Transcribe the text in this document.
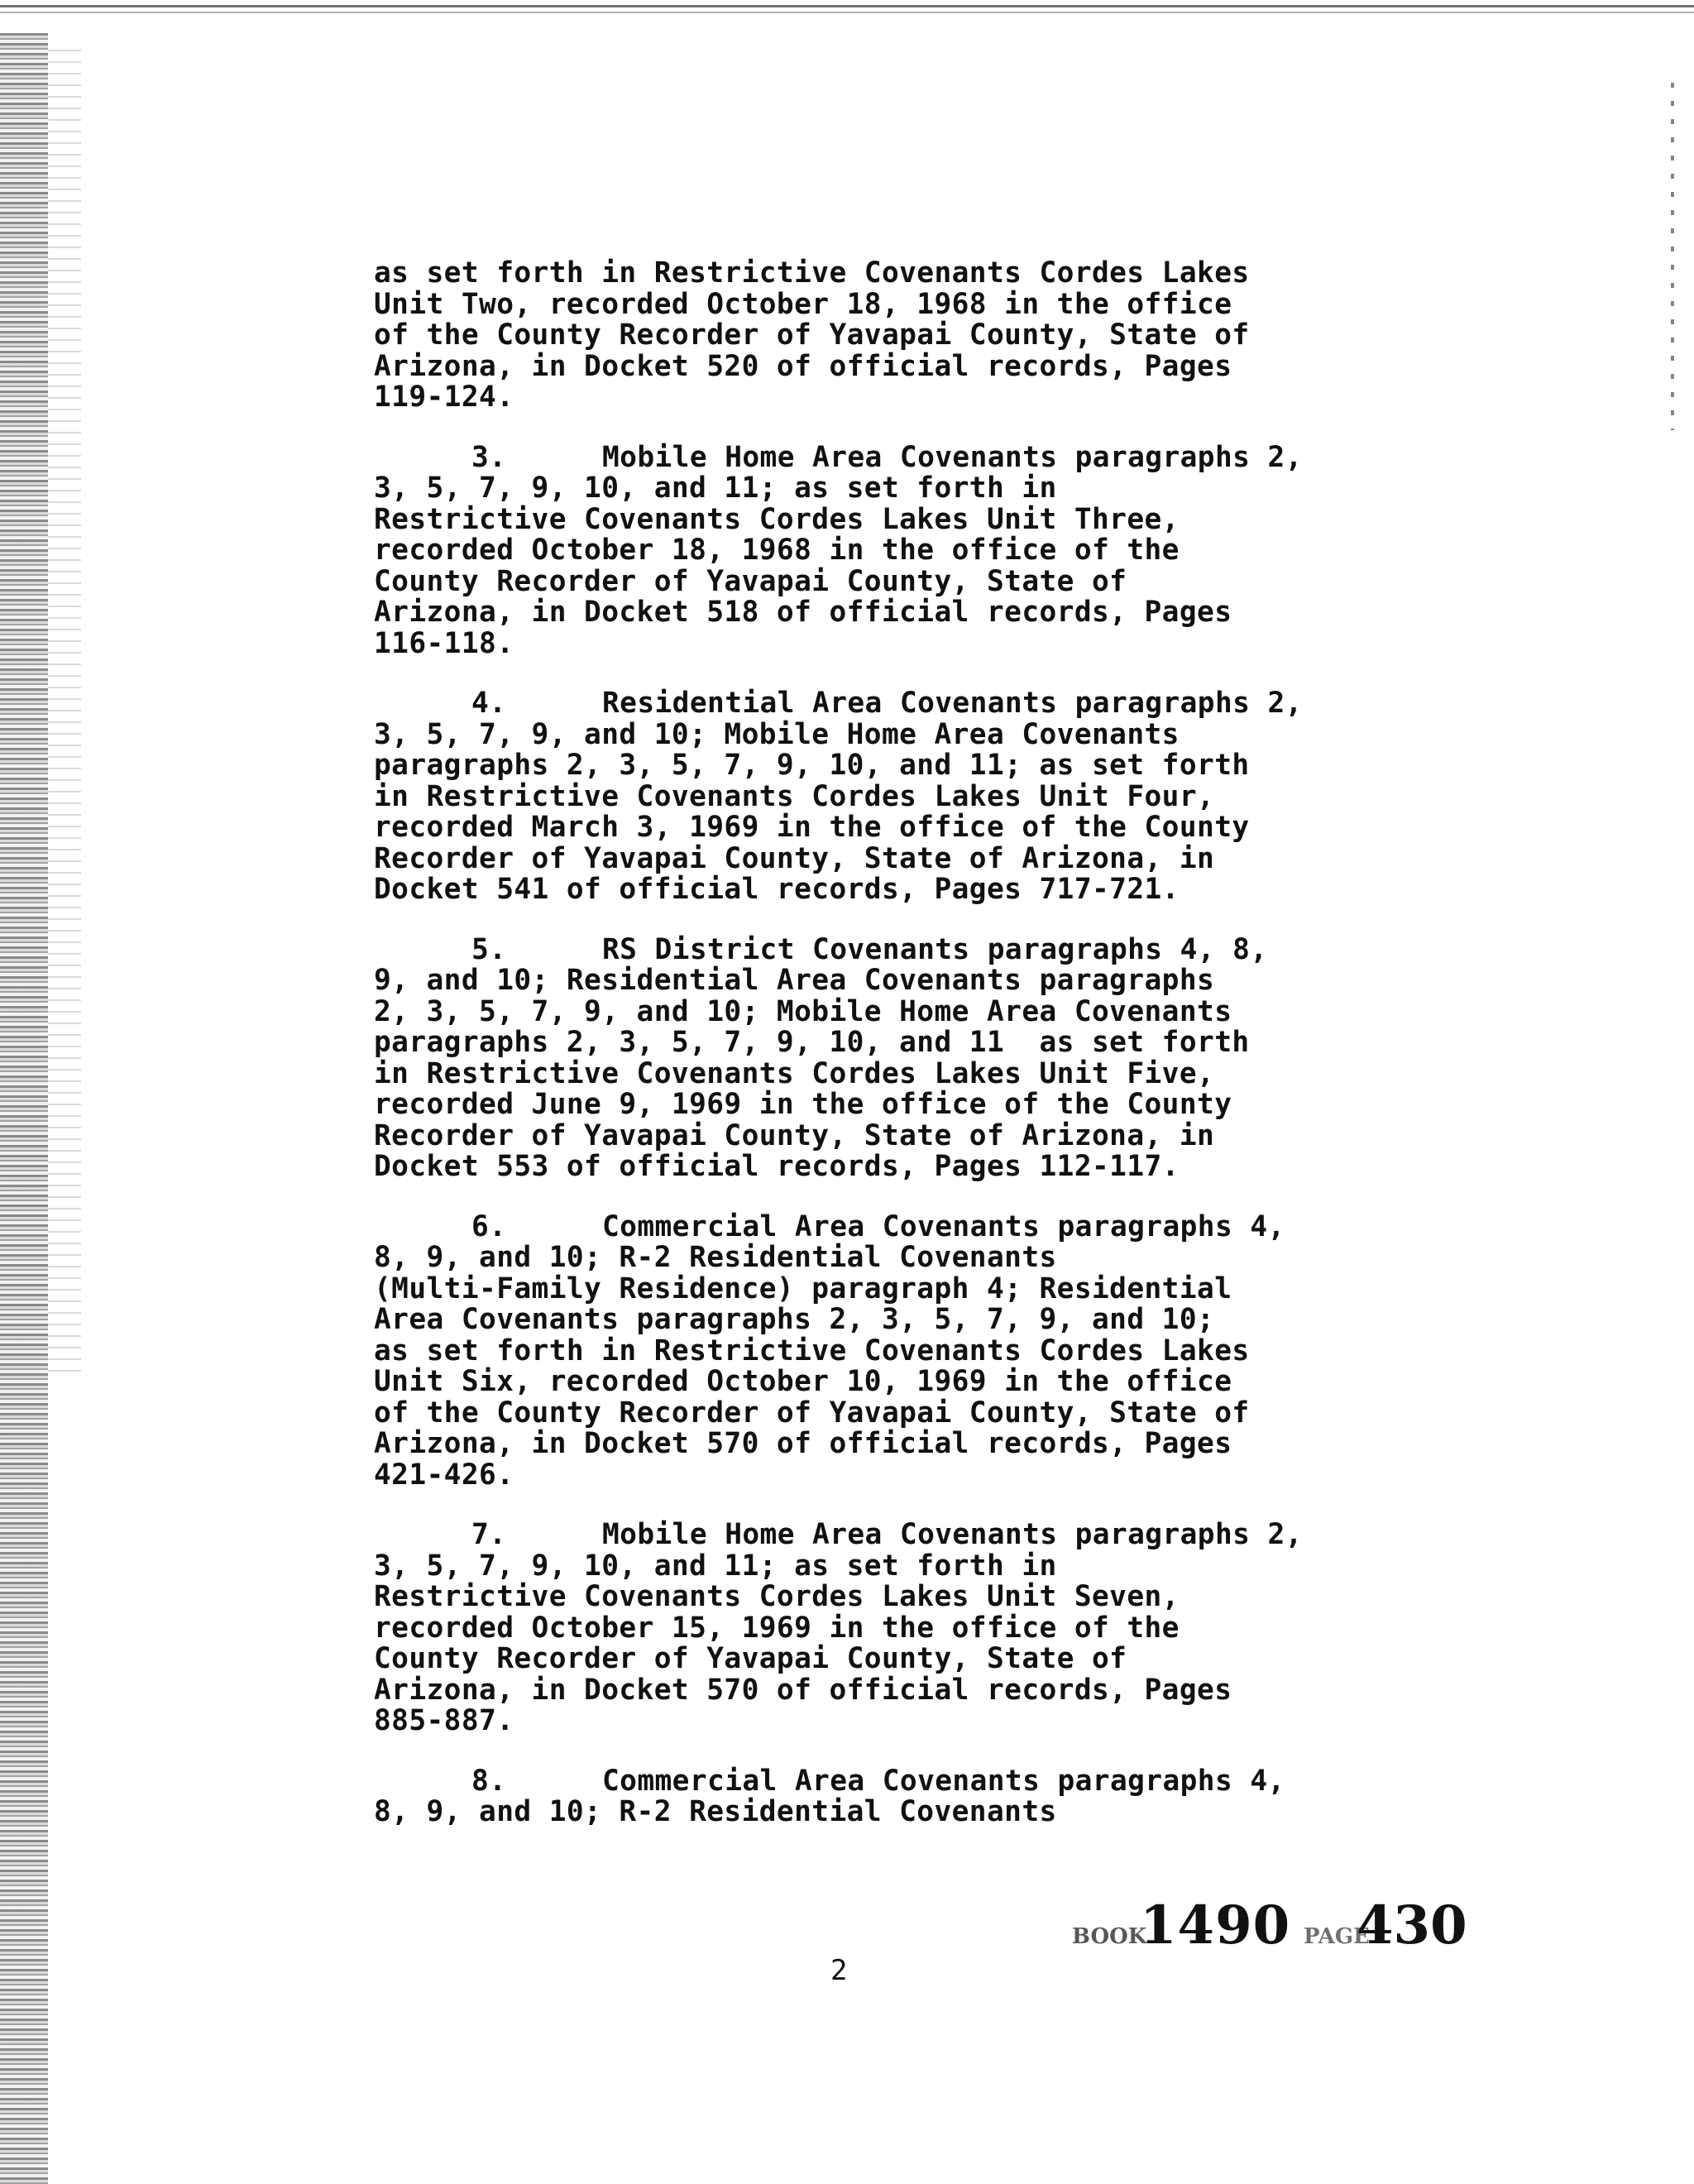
as set forth in Restrictive Covenants Cordes Lakes
Unit Two, recorded October 18, 1968 in the office
of the County Recorder of Yavapai County, State of
Arizona, in Docket 520 of official records, Pages
119-124.
3.	Mobile Home Area Covenants paragraphs 2,
3, 5, 7, 9, 10, and 11; as set forth in
Restrictive Covenants Cordes Lakes Unit Three,
recorded October 18, 1968 in the office of the
County Recorder of Yavapai County, State of
Arizona, in Docket 518 of official records, Pages
116-118.
4.	Residential Area Covenants paragraphs 2,
3, 5, 7, 9, and 10; Mobile Home Area Covenants
paragraphs 2, 3, 5, 7, 9, 10, and 11; as set forth
in Restrictive Covenants Cordes Lakes Unit Four,
recorded March 3, 1969 in the office of the County
Recorder of Yavapai County, State of Arizona, in
Docket 541 of official records, Pages 717-721.
5.	RS District Covenants paragraphs 4, 8,
9, and 10; Residential Area Covenants paragraphs
2, 3, 5, 7, 9, and 10; Mobile Home Area Covenants
paragraphs 2, 3, 5, 7, 9, 10, and 11  as set forth
in Restrictive Covenants Cordes Lakes Unit Five,
recorded June 9, 1969 in the office of the County
Recorder of Yavapai County, State of Arizona, in
Docket 553 of official records, Pages 112-117.
6.	Commercial Area Covenants paragraphs 4,
8, 9, and 10; R-2 Residential Covenants
(Multi-Family Residence) paragraph 4; Residential
Area Covenants paragraphs 2, 3, 5, 7, 9, and 10;
as set forth in Restrictive Covenants Cordes Lakes
Unit Six, recorded October 10, 1969 in the office
of the County Recorder of Yavapai County, State of
Arizona, in Docket 570 of official records, Pages
421-426.
7.	Mobile Home Area Covenants paragraphs 2,
3, 5, 7, 9, 10, and 11; as set forth in
Restrictive Covenants Cordes Lakes Unit Seven,
recorded October 15, 1969 in the office of the
County Recorder of Yavapai County, State of
Arizona, in Docket 570 of official records, Pages
885-887.
8.	Commercial Area Covenants paragraphs 4,
8, 9, and 10; R-2 Residential Covenants
BOOK
1490 PAGE
430
2
